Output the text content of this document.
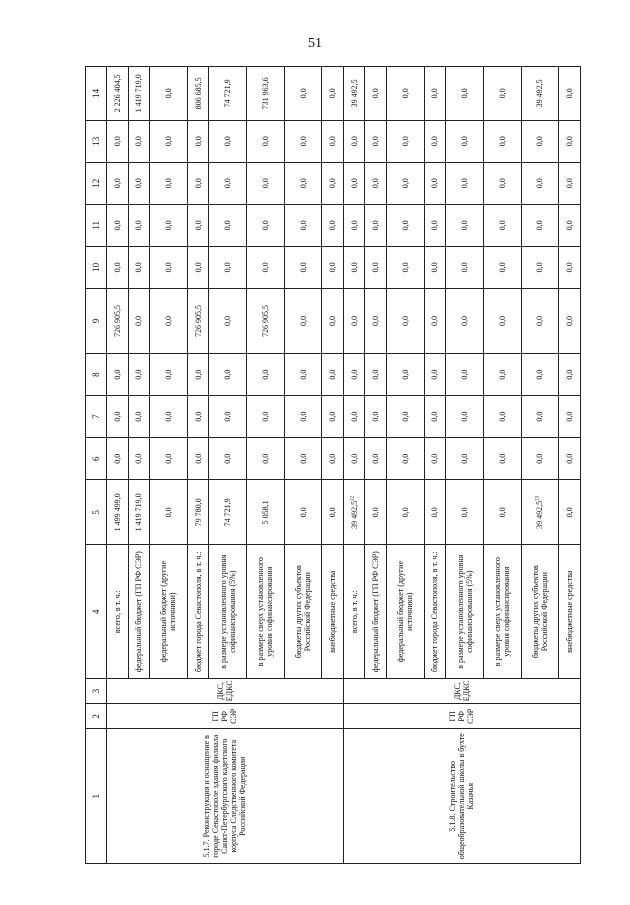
51
1	2	3	4	5	6	7	8	9	10	11	12	13	14
5.1.7. Реконструкция и оснащение в городе Севастополе здания филиала Санкт-Петербургского кадетского корпуса Следственного комитета Российской Федерации	ГП РФ СЭР	ДКС, ЕДКС	всего, в т. ч.:	1 499 499,0	0,0	0,0	0,0	726 905,5	0,0	0,0	0,0	0,0	2 226 404,5
			федеральный бюджет (ГП РФ СЭР)	1 419 719,0	0,0	0,0	0,0	0,0	0,0	0,0	0,0	0,0	1 419 719,0
			федеральный бюджет (другие источники)	0,0	0,0	0,0	0,0	0,0	0,0	0,0	0,0	0,0	0,0
			бюджет города Севастополя, в т. ч.:	79 780,0	0,0	0,0	0,0	726 905,5	0,0	0,0	0,0	0,0	806 685,5
			в размере установленного уровня софинансирования (5%)	74 721,9	0,0	0,0	0,0	0,0	0,0	0,0	0,0	0,0	74 721,9
			в размере сверх установленного уровня софинансирования	5 058,1	0,0	0,0	0,0	726 905,5	0,0	0,0	0,0	0,0	731 963,6
			бюджеты других субъектов Российской Федерации	0,0	0,0	0,0	0,0	0,0	0,0	0,0	0,0	0,0	0,0
			внебюджетные средства	0,0	0,0	0,0	0,0	0,0	0,0	0,0	0,0	0,0	0,0
5.1.8. Строительство общеобразовательной школы в бухте Казачья	ГП РФ СЭР	ДКС, ЕДКС	всего, в т. ч.:	39 492,5$^{22}$	0,0	0,0	0,0	0,0	0,0	0,0	0,0	0,0	39 492,5
			федеральный бюджет (ГП РФ СЭР)	0,0	0,0	0,0	0,0	0,0	0,0	0,0	0,0	0,0	0,0
			федеральный бюджет (другие источники)	0,0	0,0	0,0	0,0	0,0	0,0	0,0	0,0	0,0	0,0
			бюджет города Севастополя, в т. ч.:	0,0	0,0	0,0	0,0	0,0	0,0	0,0	0,0	0,0	0,0
			в размере установленного уровня софинансирования (5%)	0,0	0,0	0,0	0,0	0,0	0,0	0,0	0,0	0,0	0,0
			в размере сверх установленного уровня софинансирования	0,0	0,0	0,0	0,0	0,0	0,0	0,0	0,0	0,0	0,0
			бюджеты других субъектов Российской Федерации	39 492,5$^{23}$	0,0	0,0	0,0	0,0	0,0	0,0	0,0	0,0	39 492,5
			внебюджетные средства	0,0	0,0	0,0	0,0	0,0	0,0	0,0	0,0	0,0	0,0
